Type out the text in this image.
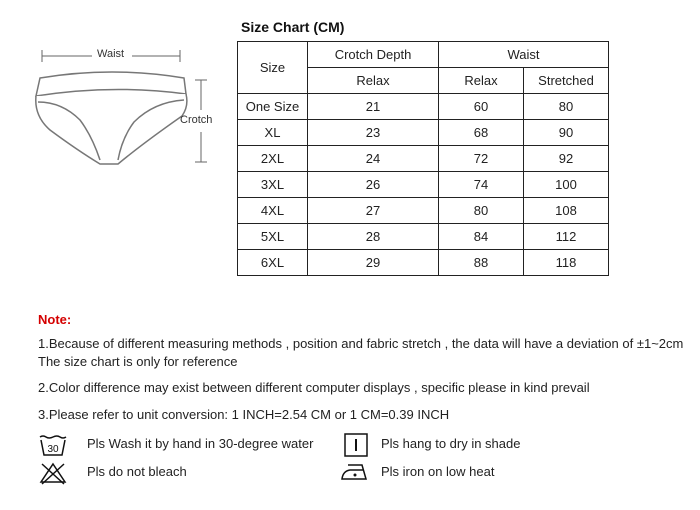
Waist
Crotch
Size Chart (CM)
Size	Crotch Depth	Waist	
	Relax	Relax	Stretched
One Size	21	60	80
XL	23	68	90
2XL	24	72	92
3XL	26	74	100
4XL	27	80	108
5XL	28	84	112
6XL	29	88	118
Note:
1.Because of different measuring methods , position and fabric stretch , the data will have a deviation of ±1~2cm
The size chart is only for reference
2.Color difference may exist between different computer displays , specific please in kind prevail
3.Please refer to unit conversion: 1 INCH=2.54 CM or 1 CM=0.39 INCH
30 Pls Wash it by hand in 30-degree water
Pls do not bleach
Pls hang to dry in shade
Pls iron on low heat
